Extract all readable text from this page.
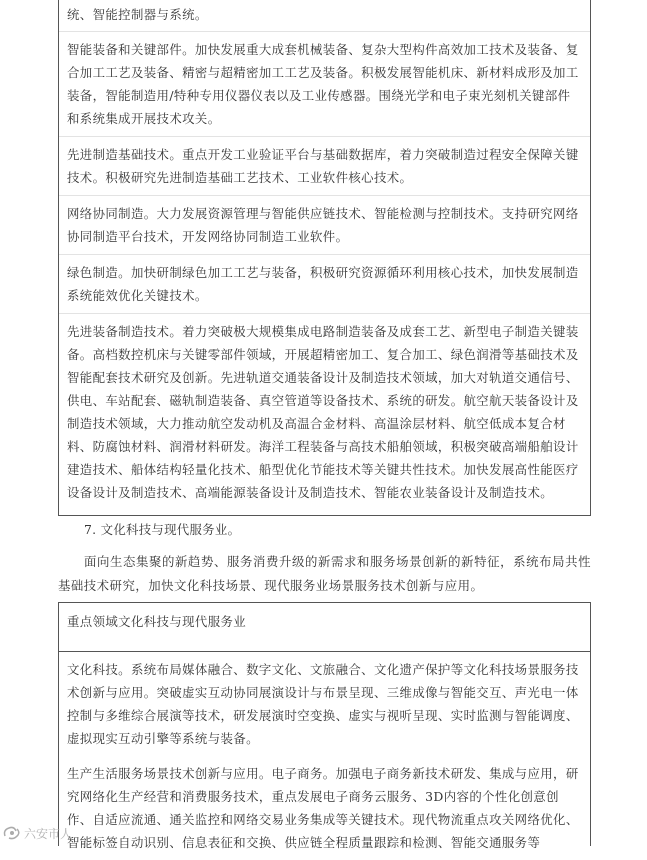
统、智能控制器与系统。
智能装备和关键部件。加快发展重大成套机械装备、复杂大型构件高效加工技术及装备、复合加工工艺及装备、精密与超精密加工工艺及装备。积极发展智能机床、新材料成形及加工装备，智能制造用/特种专用仪器仪表以及工业传感器。围绕光学和电子束光刻机关键部件和系统集成开展技术攻关。
先进制造基础技术。重点开发工业验证平台与基础数据库，着力突破制造过程安全保障关键技术。积极研究先进制造基础工艺技术、工业软件核心技术。
网络协同制造。大力发展资源管理与智能供应链技术、智能检测与控制技术。支持研究网络协同制造平台技术，开发网络协同制造工业软件。
绿色制造。加快研制绿色加工工艺与装备，积极研究资源循环利用核心技术，加快发展制造系统能效优化关键技术。
先进装备制造技术。着力突破极大规模集成电路制造装备及成套工艺、新型电子制造关键装备。高档数控机床与关键零部件领域，开展超精密加工、复合加工、绿色润滑等基础技术及智能配套技术研究及创新。先进轨道交通装备设计及制造技术领域，加大对轨道交通信号、供电、车站配套、磁轨制造装备、真空管道等设备技术、系统的研发。航空航天装备设计及制造技术领域，大力推动航空发动机及高温合金材料、高温涂层材料、航空低成本复合材料、防腐蚀材料、润滑材料研发。海洋工程装备与高技术船舶领域，积极突破高端船舶设计建造技术、船体结构轻量化技术、船型优化节能技术等关键共性技术。加快发展高性能医疗设备设计及制造技术、高端能源装备设计及制造技术、智能农业装备设计及制造技术。
7. 文化科技与现代服务业。
面向生态集聚的新趋势、服务消费升级的新需求和服务场景创新的新特征，系统布局共性基础技术研究，加快文化科技场景、现代服务业场景服务技术创新与应用。
重点领域文化科技与现代服务业
文化科技。系统布局媒体融合、数字文化、文旅融合、文化遗产保护等文化科技场景服务技术创新与应用。突破虚实互动协同展演设计与布景呈现、三维成像与智能交互、声光电一体控制与多维综合展演等技术，研发展演时空变换、虚实与视听呈现、实时监测与智能调度、虚拟现实互动引擎等系统与装备。
生产生活服务场景技术创新与应用。电子商务。加强电子商务新技术研发、集成与应用，研究网络化生产经营和消费服务技术，重点发展电子商务云服务、3D内容的个性化创意创作、自适应流通、通关监控和网络交易业务集成等关键技术。现代物流重点攻关网络优化、智能标签自动识别、信息表征和交换、供应链全程质量跟踪和检测、智能交通服务等
六安市人
